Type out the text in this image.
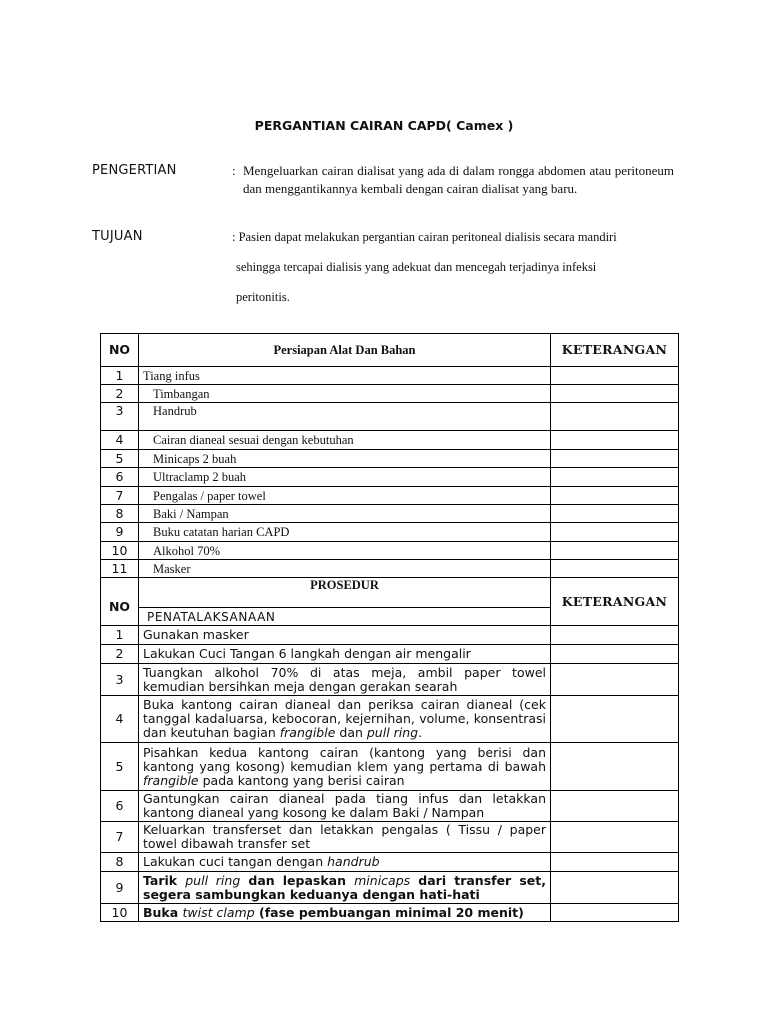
PERGANTIAN CAIRAN CAPD( Camex )
PENGERTIAN	: Mengeluarkan cairan dialisat yang ada di dalam rongga abdomen atau peritoneum dan menggantikannya kembali dengan cairan dialisat yang baru.
TUJUAN	: Pasien dapat melakukan pergantian cairan peritoneal dialisis secara mandiri
sehingga tercapai dialisis yang adekuat dan mencegah terjadinya infeksi
peritonitis.
NO	Persiapan Alat Dan Bahan	KETERANGAN
1	Tiang infus	
2	Timbangan	
3	Handrub	
4	Cairan dianeal sesuai dengan kebutuhan	
5	Minicaps 2 buah	
6	Ultraclamp 2 buah	
7	Pengalas / paper towel	
8	Baki / Nampan	
9	Buku catatan harian CAPD	
10	Alkohol 70%	
11	Masker	
NO	PROSEDUR	KETERANGAN
	PENATALAKSANAAN	
1	Gunakan masker	
2	Lakukan Cuci Tangan 6 langkah dengan air mengalir	
3	Tuangkan alkohol 70% di atas meja, ambil paper towel kemudian bersihkan meja dengan gerakan searah	
4	Buka kantong cairan dianeal dan periksa cairan dianeal (cek tanggal kadaluarsa, kebocoran, kejernihan, volume, konsentrasi dan keutuhan bagian frangible dan pull ring.	
5	Pisahkan kedua kantong cairan (kantong yang berisi dan kantong yang kosong) kemudian klem yang pertama di bawah frangible pada kantong yang berisi cairan	
6	Gantungkan cairan dianeal pada tiang infus dan letakkan kantong dianeal yang kosong ke dalam Baki / Nampan	
7	Keluarkan transferset dan letakkan pengalas ( Tissu / paper towel dibawah transfer set	
8	Lakukan cuci tangan dengan handrub	
9	Tarik pull ring dan lepaskan minicaps dari transfer set, segera sambungkan keduanya dengan hati-hati	
10	Buka twist clamp (fase pembuangan minimal 20 menit)	
